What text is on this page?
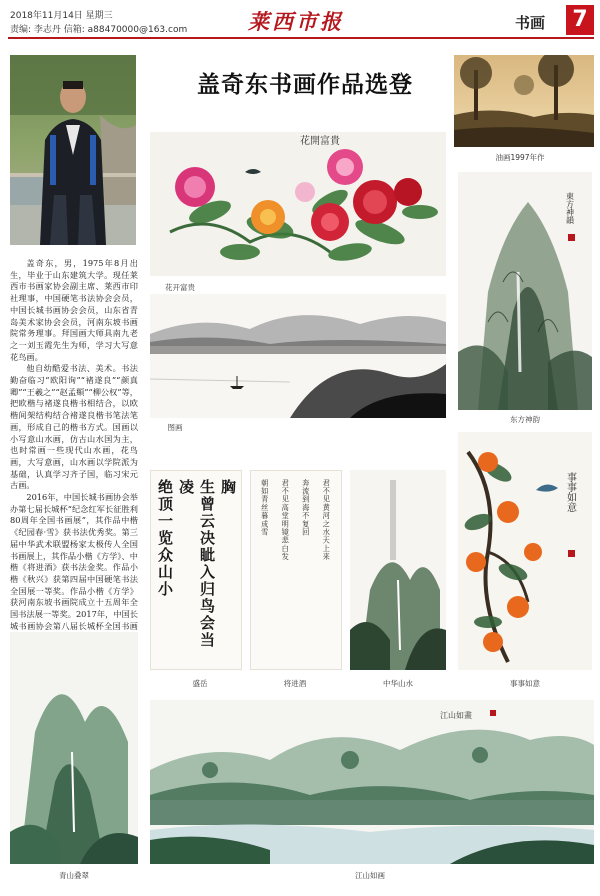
2018年11月14日 星期三
责编: 李志丹 信箱: a88470000@163.com	莱西市报	书画 7
盖奇东书画作品选登

盖奇东，男，1975年8月出生，毕业于山东建筑大学。现任莱西市书画家协会副主席、莱西市印社理事，中国硬笔书法协会会员，中国长城书画协会会员，山东省青岛美术家协会会员，河南东坡书画院常务理事。拜国画大师具南九老之一刘玉霞先生为师，学习大写意花鸟画。

他自幼酷爱书法、美术。书法勤奋临习“欧阳询”“褚遂良”“颜真卿”“王羲之”“赵孟頫”“柳公权”等，把欧楷与褚遂良楷书相结合，以欧楷间架结构结合褚遂良楷书笔法笔画，形成自己的楷书方式。国画以小写意山水画，仿古山水国为主，也时常画一些现代山水画，花鸟画，大写意画，山水画以学院派为基础，认真学习齐子国，临习宋元古画。

2016年，中国长城书画协会举办第七届长城杯“纪念红军长征胜利80周年全国书画展”，其作品中楷《纪园春·雪》获书法优秀奖。第三届中华武术联盟杨家太极传人全国书画展上，其作品小楷《方学》、中楷《将进酒》获书法金奖。作品小楷《秋兴》获第四届中国硬笔书法全国展一等奖。作品小楷《方学》获河南东坡书画院成立十五周年全国书法展一等奖。2017年，中国长城书画协会第八届长城杯全国书画

花開富貴
花开富贵
图画
油画1997年作
東方神韻
东方神韵
胸
生曾云决眦入归鸟会当凌
绝顶一览众山小
盛岳
君不见黄河之水天上来
奔流到海不复回
君不见高堂明镜悲白发
朝如青丝暮成雪
将进酒	中华山水
事事如意
事事如意
青山叠翠
江山如畫
江山如画
